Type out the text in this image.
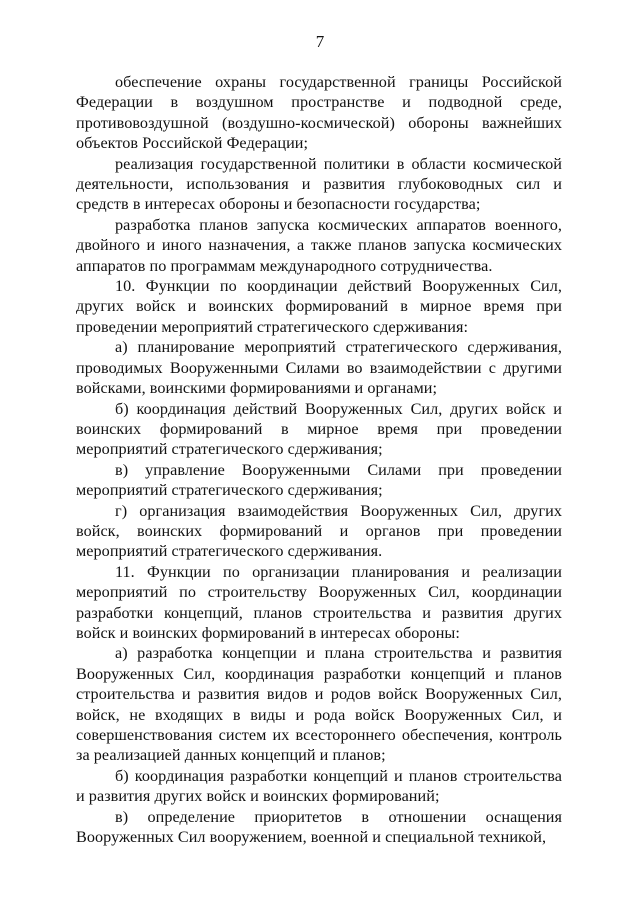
7

обеспечение охраны государственной границы Российской Федерации в воздушном пространстве и подводной среде, противовоздушной (воздушно-космической) обороны важнейших объектов Российской Федерации;

реализация государственной политики в области космической деятельности, использования и развития глубоководных сил и средств в интересах обороны и безопасности государства;

разработка планов запуска космических аппаратов военного, двойного и иного назначения, а также планов запуска космических аппаратов по программам международного сотрудничества.

10. Функции по координации действий Вооруженных Сил, других войск и воинских формирований в мирное время при проведении мероприятий стратегического сдерживания:

а) планирование мероприятий стратегического сдерживания, проводимых Вооруженными Силами во взаимодействии с другими войсками, воинскими формированиями и органами;

б) координация действий Вооруженных Сил, других войск и воинских формирований в мирное время при проведении мероприятий стратегического сдерживания;

в) управление Вооруженными Силами при проведении мероприятий стратегического сдерживания;

г) организация взаимодействия Вооруженных Сил, других войск, воинских формирований и органов при проведении мероприятий стратегического сдерживания.

11. Функции по организации планирования и реализации мероприятий по строительству Вооруженных Сил, координации разработки концепций, планов строительства и развития других войск и воинских формирований в интересах обороны:

а) разработка концепции и плана строительства и развития Вооруженных Сил, координация разработки концепций и планов строительства и развития видов и родов войск Вооруженных Сил, войск, не входящих в виды и рода войск Вооруженных Сил, и совершенствования систем их всестороннего обеспечения, контроль за реализацией данных концепций и планов;

б) координация разработки концепций и планов строительства и развития других войск и воинских формирований;

в) определение приоритетов в отношении оснащения Вооруженных Сил вооружением, военной и специальной техникой,
